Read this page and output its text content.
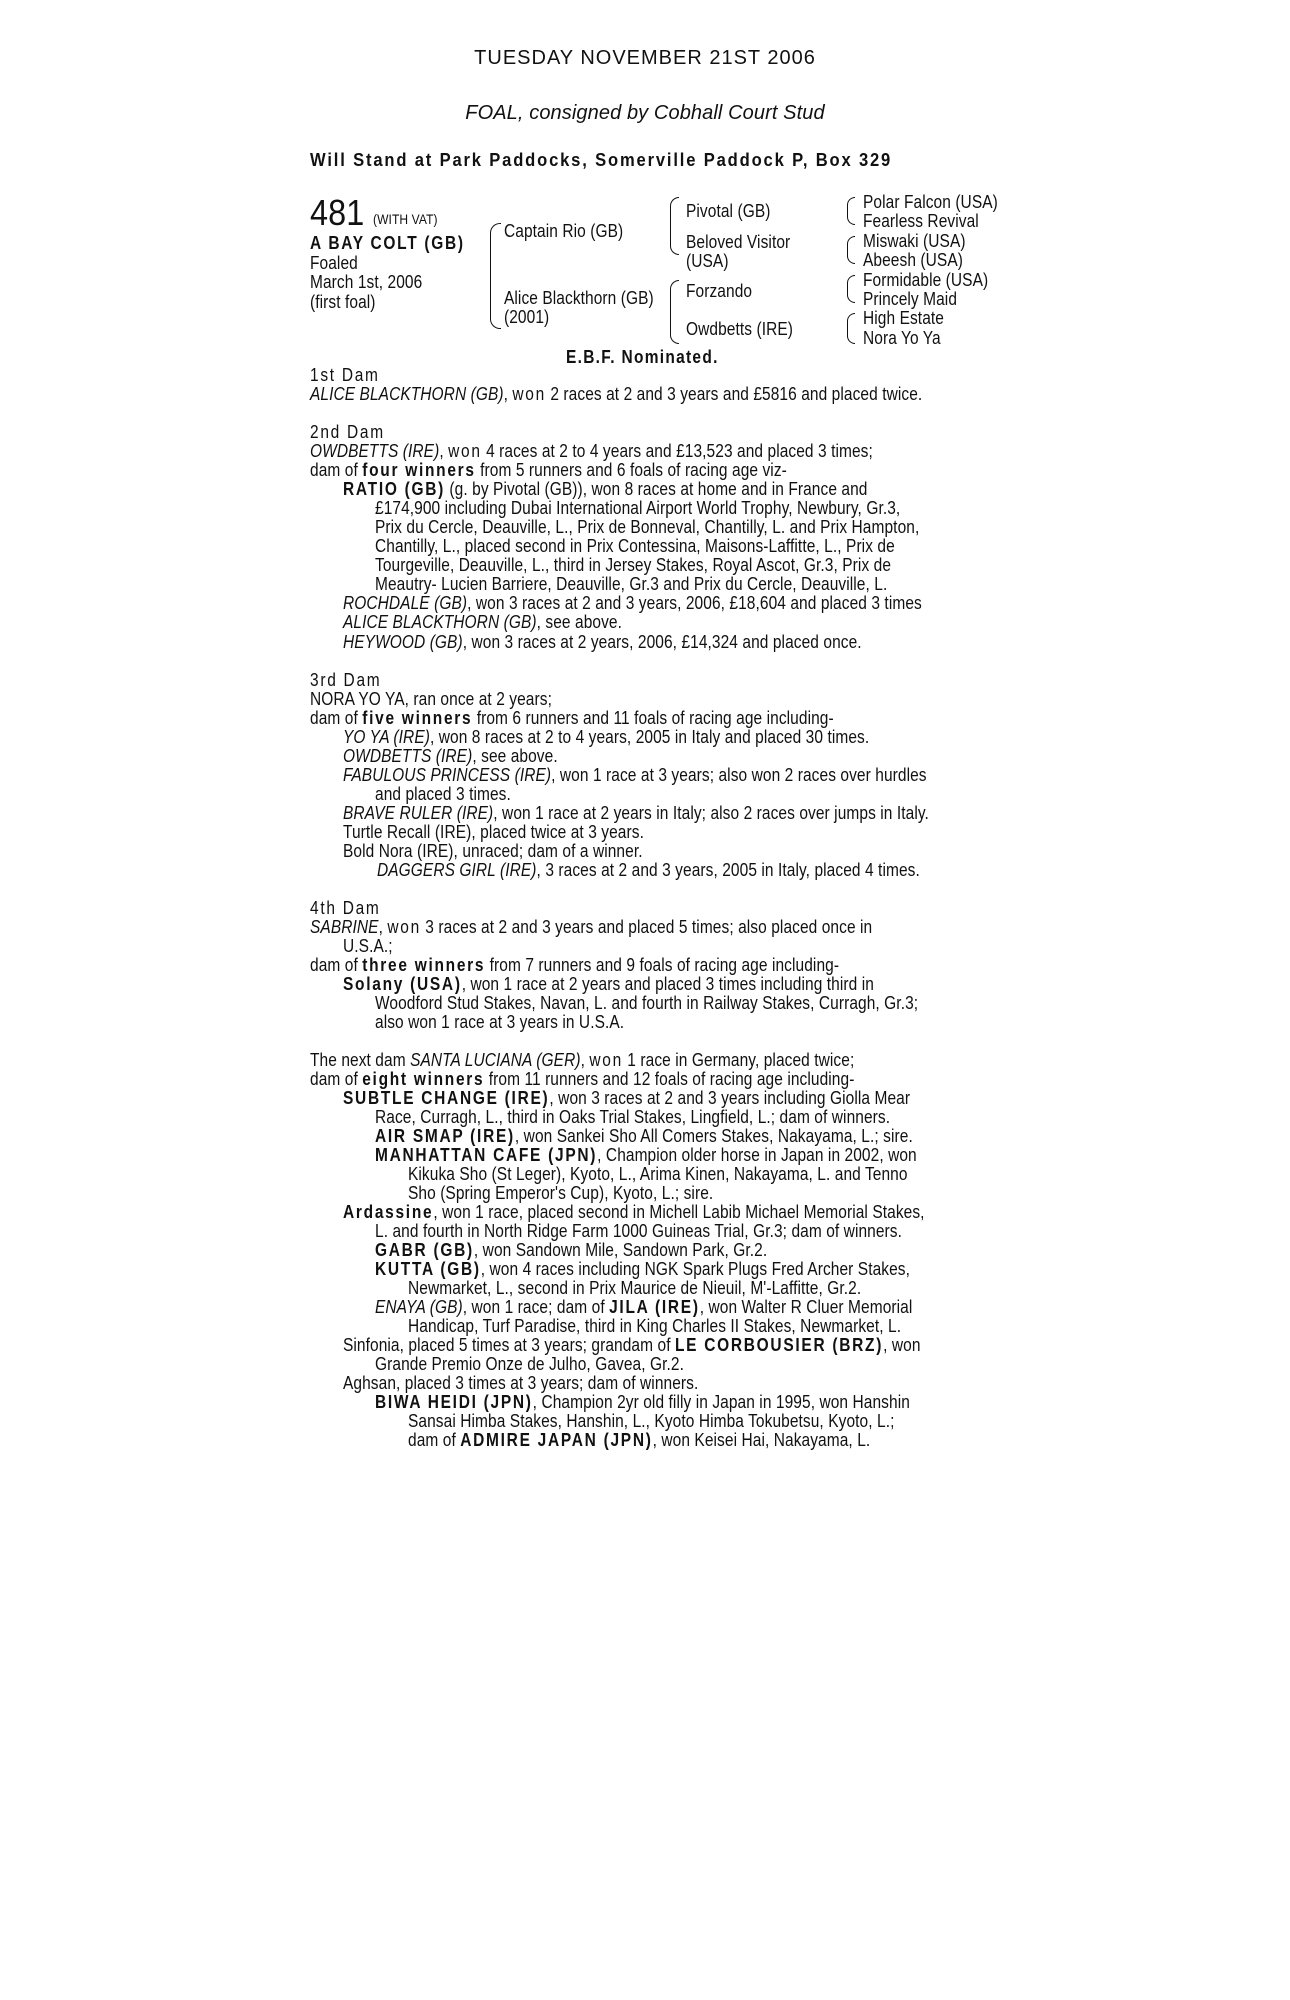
TUESDAY NOVEMBER 21ST 2006
FOAL, consigned by Cobhall Court Stud
Will Stand at Park Paddocks, Somerville Paddock P, Box 329
481 (WITH VAT)
A BAY COLT (GB)
Foaled
March 1st, 2006
(first foal)
Captain Rio (GB)
Alice Blackthorn (GB)
(2001)
Pivotal (GB)
Beloved Visitor
(USA)
Forzando
Owdbetts (IRE)
Polar Falcon (USA)
Fearless Revival
Miswaki (USA)
Abeesh (USA)
Formidable (USA)
Princely Maid
High Estate
Nora Yo Ya
E.B.F. Nominated.
1st Dam
ALICE BLACKTHORN (GB), won 2 races at 2 and 3 years and £5816 and placed twice.
2nd Dam
OWDBETTS (IRE), won 4 races at 2 to 4 years and £13,523 and placed 3 times;
dam of four winners from 5 runners and 6 foals of racing age viz-
RATIO (GB) (g. by Pivotal (GB)), won 8 races at home and in France and
£174,900 including Dubai International Airport World Trophy, Newbury, Gr.3,
Prix du Cercle, Deauville, L., Prix de Bonneval, Chantilly, L. and Prix Hampton,
Chantilly, L., placed second in Prix Contessina, Maisons-Laffitte, L., Prix de
Tourgeville, Deauville, L., third in Jersey Stakes, Royal Ascot, Gr.3, Prix de
Meautry- Lucien Barriere, Deauville, Gr.3 and Prix du Cercle, Deauville, L.
ROCHDALE (GB), won 3 races at 2 and 3 years, 2006, £18,604 and placed 3 times
ALICE BLACKTHORN (GB), see above.
HEYWOOD (GB), won 3 races at 2 years, 2006, £14,324 and placed once.
3rd Dam
NORA YO YA, ran once at 2 years;
dam of five winners from 6 runners and 11 foals of racing age including-
YO YA (IRE), won 8 races at 2 to 4 years, 2005 in Italy and placed 30 times.
OWDBETTS (IRE), see above.
FABULOUS PRINCESS (IRE), won 1 race at 3 years; also won 2 races over hurdles
and placed 3 times.
BRAVE RULER (IRE), won 1 race at 2 years in Italy; also 2 races over jumps in Italy.
Turtle Recall (IRE), placed twice at 3 years.
Bold Nora (IRE), unraced; dam of a winner.
DAGGERS GIRL (IRE), 3 races at 2 and 3 years, 2005 in Italy, placed 4 times.
4th Dam
SABRINE, won 3 races at 2 and 3 years and placed 5 times; also placed once in
U.S.A.;
dam of three winners from 7 runners and 9 foals of racing age including-
Solany (USA), won 1 race at 2 years and placed 3 times including third in
Woodford Stud Stakes, Navan, L. and fourth in Railway Stakes, Curragh, Gr.3;
also won 1 race at 3 years in U.S.A.
The next dam SANTA LUCIANA (GER), won 1 race in Germany, placed twice;
dam of eight winners from 11 runners and 12 foals of racing age including-
SUBTLE CHANGE (IRE), won 3 races at 2 and 3 years including Giolla Mear
Race, Curragh, L., third in Oaks Trial Stakes, Lingfield, L.; dam of winners.
AIR SMAP (IRE), won Sankei Sho All Comers Stakes, Nakayama, L.; sire.
MANHATTAN CAFE (JPN), Champion older horse in Japan in 2002, won
Kikuka Sho (St Leger), Kyoto, L., Arima Kinen, Nakayama, L. and Tenno
Sho (Spring Emperor's Cup), Kyoto, L.; sire.
Ardassine, won 1 race, placed second in Michell Labib Michael Memorial Stakes,
L. and fourth in North Ridge Farm 1000 Guineas Trial, Gr.3; dam of winners.
GABR (GB), won Sandown Mile, Sandown Park, Gr.2.
KUTTA (GB), won 4 races including NGK Spark Plugs Fred Archer Stakes,
Newmarket, L., second in Prix Maurice de Nieuil, M'-Laffitte, Gr.2.
ENAYA (GB), won 1 race; dam of JILA (IRE), won Walter R Cluer Memorial
Handicap, Turf Paradise, third in King Charles II Stakes, Newmarket, L.
Sinfonia, placed 5 times at 3 years; grandam of LE CORBOUSIER (BRZ), won
Grande Premio Onze de Julho, Gavea, Gr.2.
Aghsan, placed 3 times at 3 years; dam of winners.
BIWA HEIDI (JPN), Champion 2yr old filly in Japan in 1995, won Hanshin
Sansai Himba Stakes, Hanshin, L., Kyoto Himba Tokubetsu, Kyoto, L.;
dam of ADMIRE JAPAN (JPN), won Keisei Hai, Nakayama, L.
